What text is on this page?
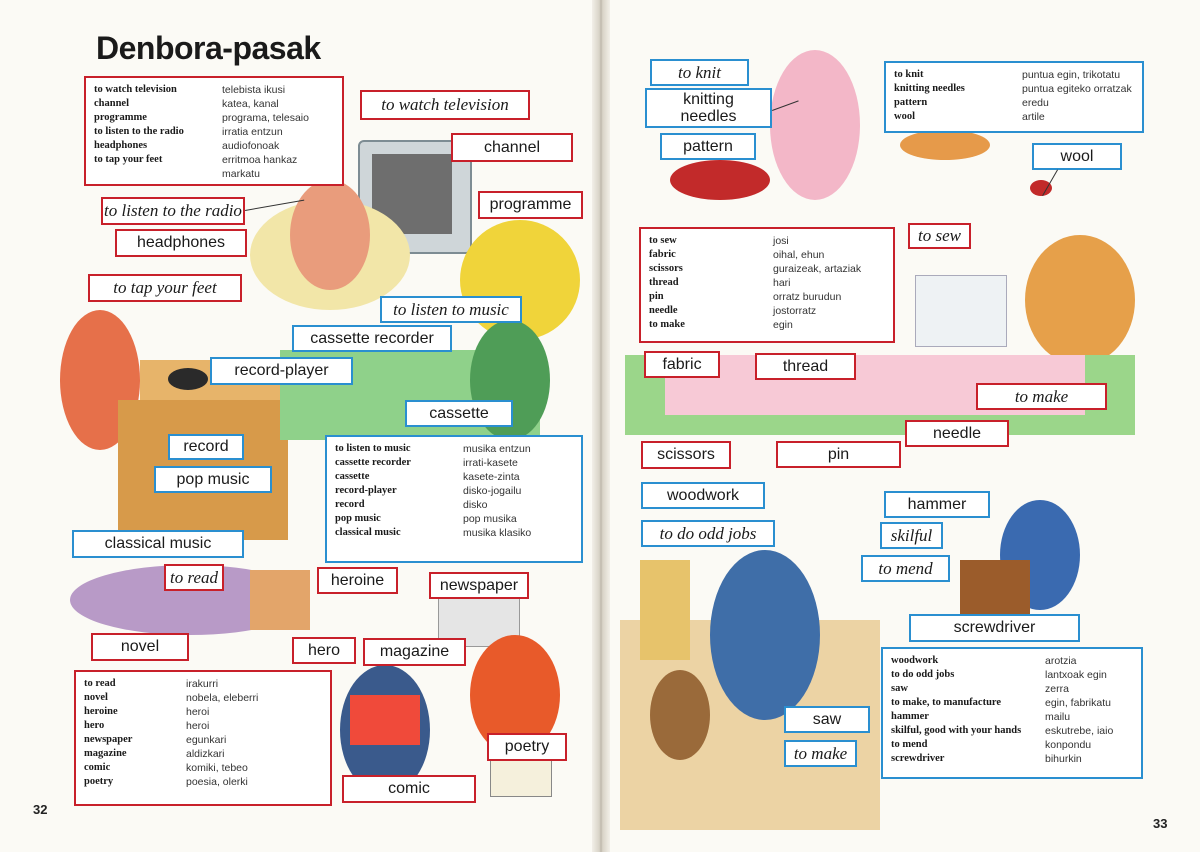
Denbora-pasak
32
33
to watch television	telebista ikusi
channel	katea, kanal
programme	programa, telesaio
to listen to the radio	irratia entzun
headphones	audiofonoak
to tap your feet	erritmoa hankaz
markatu
to listen to music	musika entzun
cassette recorder	irrati-kasete
cassette	kasete-zinta
record-player	disko-jogailu
record	disko
pop music	pop musika
classical music	musika klasiko
to read	irakurri
novel	nobela, eleberri
heroine	heroi
hero	heroi
newspaper	egunkari
magazine	aldizkari
comic	komiki, tebeo
poetry	poesia, olerki
to knit	puntua egin, trikotatu
knitting needles	puntua egiteko orratzak
pattern	eredu
wool	artile
to sew	josi
fabric	oihal, ehun
scissors	guraizeak, artaziak
thread	hari
pin	orratz burudun
needle	jostorratz
to make	egin
woodwork	arotzia
to do odd jobs	lantxoak egin
saw	zerra
to make, to manufacture	egin, fabrikatu
hammer	mailu
skilful, good with your hands	eskutrebe, iaio
to mend	konpondu
screwdriver	bihurkin
to watch television
channel
programme
to listen to the radio
headphones
to tap your feet
to listen to music
cassette recorder
record-player
cassette
record
pop music
classical music
to read	heroine	newspaper
novel	hero	magazine
poetry
comic
to knit
knitting
needles
pattern
wool
to sew
fabric	thread
to make
needle
scissors	pin
woodwork
to do odd jobs
hammer
skilful
to mend
screwdriver
saw
to make
